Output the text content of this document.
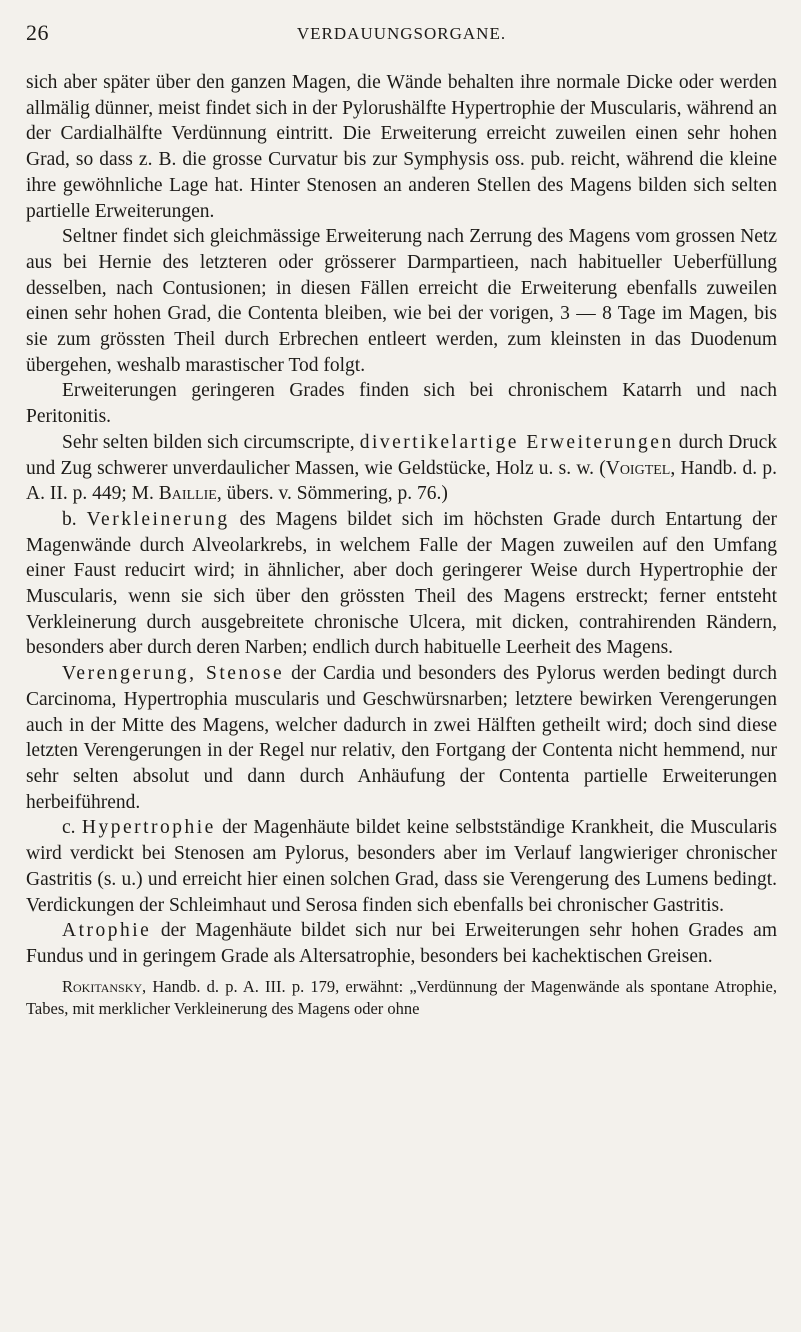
26	VERDAUUNGSORGANE.

sich aber später über den ganzen Magen, die Wände behalten ihre normale Dicke oder werden allmälig dünner, meist findet sich in der Pylorushälfte Hypertrophie der Muscularis, während an der Cardialhälfte Verdünnung eintritt. Die Erweiterung erreicht zuweilen einen sehr hohen Grad, so dass z. B. die grosse Curvatur bis zur Symphysis oss. pub. reicht, während die kleine ihre gewöhnliche Lage hat. Hinter Stenosen an anderen Stellen des Magens bilden sich selten partielle Erweiterungen.

Seltner findet sich gleichmässige Erweiterung nach Zerrung des Magens vom grossen Netz aus bei Hernie des letzteren oder grösserer Darmpartieen, nach habitueller Ueberfüllung desselben, nach Contusionen; in diesen Fällen erreicht die Erweiterung ebenfalls zuweilen einen sehr hohen Grad, die Contenta bleiben, wie bei der vorigen, 3 — 8 Tage im Magen, bis sie zum grössten Theil durch Erbrechen entleert werden, zum kleinsten in das Duodenum übergehen, weshalb marastischer Tod folgt.

Erweiterungen geringeren Grades finden sich bei chronischem Katarrh und nach Peritonitis.

Sehr selten bilden sich circumscripte, divertikelartige Erweiterungen durch Druck und Zug schwerer unverdaulicher Massen, wie Geldstücke, Holz u. s. w. (Voigtel, Handb. d. p. A. II. p. 449; M. Baillie, übers. v. Sömmering, p. 76.)

b. Verkleinerung des Magens bildet sich im höchsten Grade durch Entartung der Magenwände durch Alveolarkrebs, in welchem Falle der Magen zuweilen auf den Umfang einer Faust reducirt wird; in ähnlicher, aber doch geringerer Weise durch Hypertrophie der Muscularis, wenn sie sich über den grössten Theil des Magens erstreckt; ferner entsteht Verkleinerung durch ausgebreitete chronische Ulcera, mit dicken, contrahirenden Rändern, besonders aber durch deren Narben; endlich durch habituelle Leerheit des Magens.

Verengerung, Stenose der Cardia und besonders des Pylorus werden bedingt durch Carcinoma, Hypertrophia muscularis und Geschwürsnarben; letztere bewirken Verengerungen auch in der Mitte des Magens, welcher dadurch in zwei Hälften getheilt wird; doch sind diese letzten Verengerungen in der Regel nur relativ, den Fortgang der Contenta nicht hemmend, nur sehr selten absolut und dann durch Anhäufung der Contenta partielle Erweiterungen herbeiführend.

c. Hypertrophie der Magenhäute bildet keine selbstständige Krankheit, die Muscularis wird verdickt bei Stenosen am Pylorus, besonders aber im Verlauf langwieriger chronischer Gastritis (s. u.) und erreicht hier einen solchen Grad, dass sie Verengerung des Lumens bedingt. Verdickungen der Schleimhaut und Serosa finden sich ebenfalls bei chronischer Gastritis.

Atrophie der Magenhäute bildet sich nur bei Erweiterungen sehr hohen Grades am Fundus und in geringem Grade als Altersatrophie, besonders bei kachektischen Greisen.

Rokitansky, Handb. d. p. A. III. p. 179, erwähnt: „Verdünnung der Magenwände als spontane Atrophie, Tabes, mit merklicher Verkleinerung des Magens oder ohne
